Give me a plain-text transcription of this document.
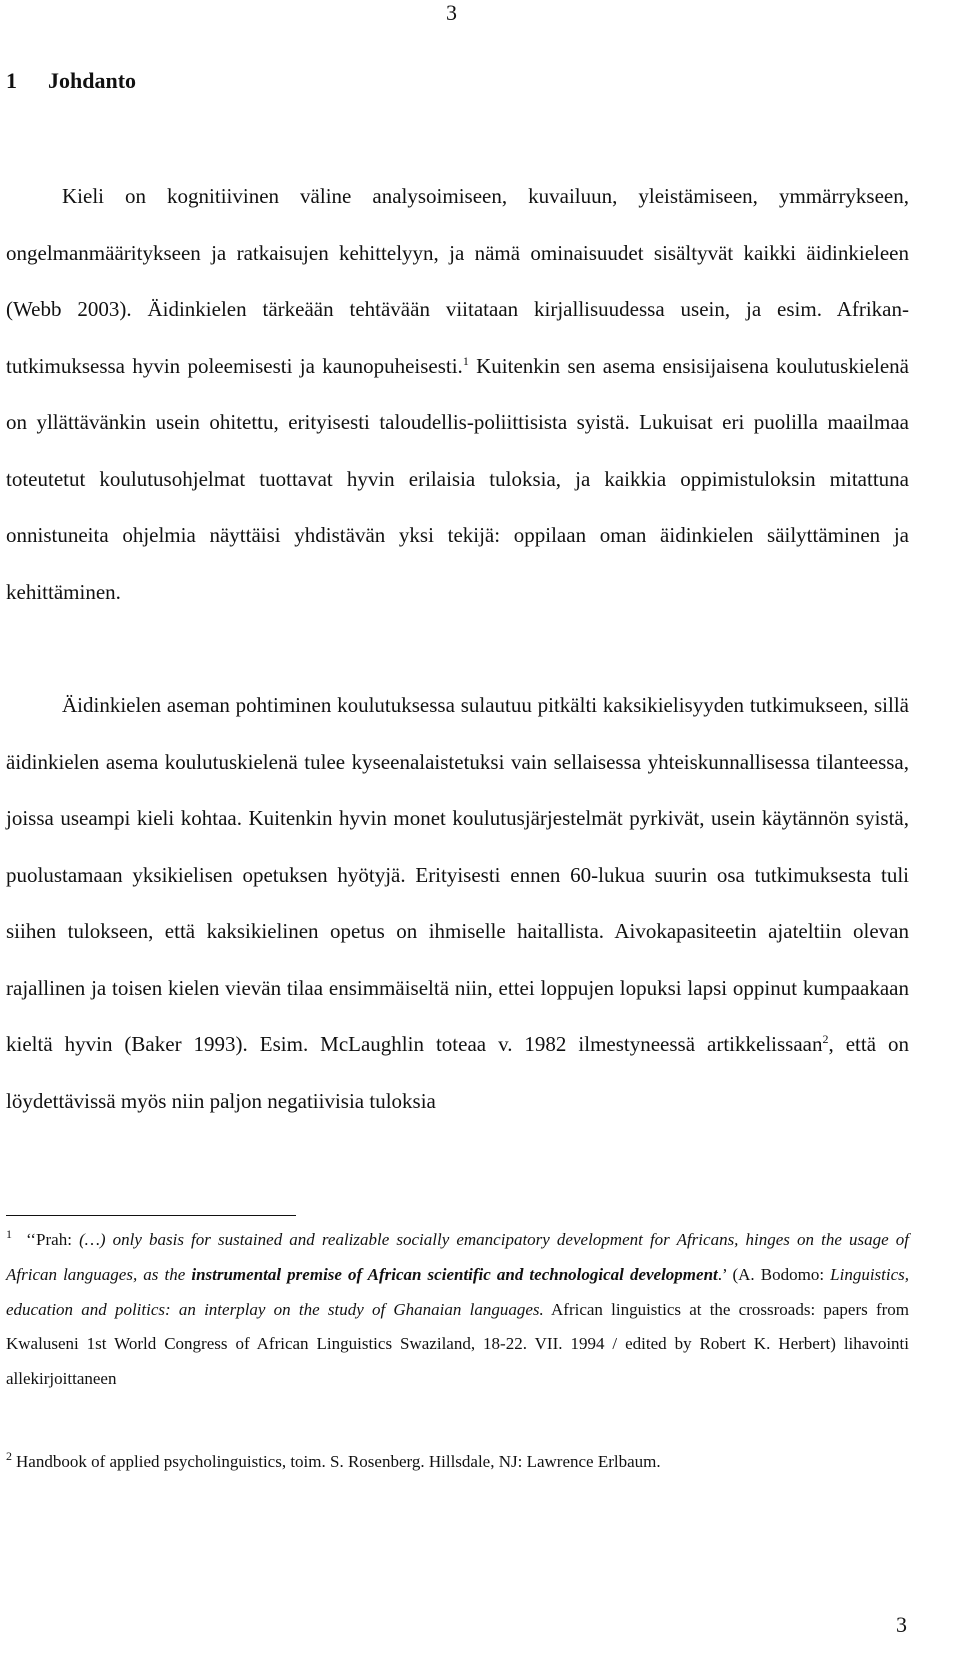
3
1 Johdanto

Kieli on kognitiivinen väline analysoimiseen, kuvailuun, yleistämiseen, ymmärrykseen, ongelmanmääritykseen ja ratkaisujen kehittelyyn, ja nämä ominaisuudet sisältyvät kaikki äidinkieleen (Webb 2003). Äidinkielen tärkeään tehtävään viitataan kirjallisuudessa usein, ja esim. Afrikan-tutkimuksessa hyvin poleemisesti ja kaunopuheisesti.$^1$ Kuitenkin sen asema ensisijaisena koulutuskielenä on yllättävänkin usein ohitettu, erityisesti taloudellis-poliittisista syistä. Lukuisat eri puolilla maailmaa toteutetut koulutusohjelmat tuottavat hyvin erilaisia tuloksia, ja kaikkia oppimistuloksin mitattuna onnistuneita ohjelmia näyttäisi yhdistävän yksi tekijä: oppilaan oman äidinkielen säilyttäminen ja kehittäminen.

Äidinkielen aseman pohtiminen koulutuksessa sulautuu pitkälti kaksikielisyyden tutkimukseen, sillä äidinkielen asema koulutuskielenä tulee kyseenalaistetuksi vain sellaisessa yhteiskunnallisessa tilanteessa, joissa useampi kieli kohtaa. Kuitenkin hyvin monet koulutusjärjestelmät pyrkivät, usein käytännön syistä, puolustamaan yksikielisen opetuksen hyötyjä. Erityisesti ennen 60-lukua suurin osa tutkimuksesta tuli siihen tulokseen, että kaksikielinen opetus on ihmiselle haitallista. Aivokapasiteetin ajateltiin olevan rajallinen ja toisen kielen vievän tilaa ensimmäiseltä niin, ettei loppujen lopuksi lapsi oppinut kumpaakaan kieltä hyvin (Baker 1993). Esim. McLaughlin toteaa v. 1982 ilmestyneessä artikkelissaan$^2$, että on löydettävissä myös niin paljon negatiivisia tuloksia

$^1$ ‘‘Prah: (…) only basis for sustained and realizable socially emancipatory development for Africans, hinges on the usage of African languages, as the instrumental premise of African scientific and technological development.’ (A. Bodomo: Linguistics, education and politics: an interplay on the study of Ghanaian languages. African linguistics at the crossroads: papers from Kwaluseni 1st World Congress of African Linguistics Swaziland, 18-22. VII. 1994 / edited by Robert K. Herbert) lihavointi allekirjoittaneen

$^2$ Handbook of applied psycholinguistics, toim. S. Rosenberg. Hillsdale, NJ: Lawrence Erlbaum.

3
